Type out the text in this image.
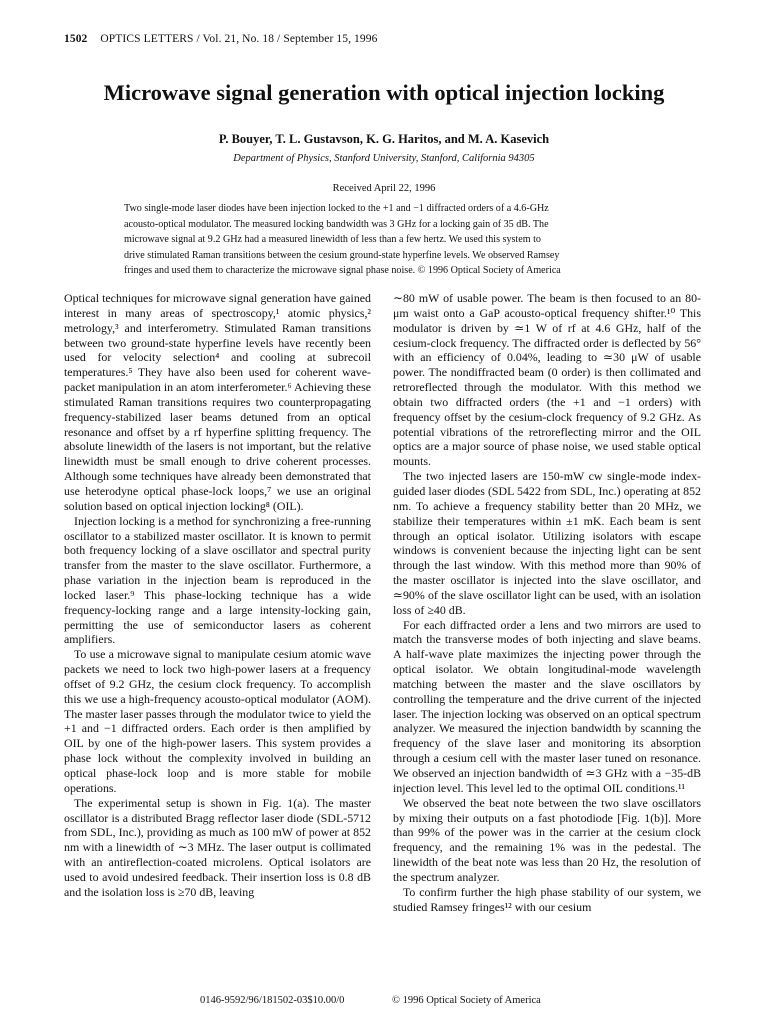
1502 OPTICS LETTERS / Vol. 21, No. 18 / September 15, 1996
Microwave signal generation with optical injection locking
P. Bouyer, T. L. Gustavson, K. G. Haritos, and M. A. Kasevich
Department of Physics, Stanford University, Stanford, California 94305
Received April 22, 1996
Two single-mode laser diodes have been injection locked to the +1 and −1 diffracted orders of a 4.6-GHz
acousto-optical modulator. The measured locking bandwidth was 3 GHz for a locking gain of 35 dB. The
microwave signal at 9.2 GHz had a measured linewidth of less than a few hertz. We used this system to
drive stimulated Raman transitions between the cesium ground-state hyperfine levels. We observed Ramsey
fringes and used them to characterize the microwave signal phase noise. © 1996 Optical Society of America

Optical techniques for microwave signal generation have gained interest in many areas of spectroscopy,¹ atomic physics,² metrology,³ and interferometry. Stimulated Raman transitions between two ground-state hyperfine levels have recently been used for velocity selection⁴ and cooling at subrecoil temperatures.⁵ They have also been used for coherent wave-packet manipulation in an atom interferometer.⁶ Achieving these stimulated Raman transitions requires two counterpropagating frequency-stabilized laser beams detuned from an optical resonance and offset by a rf hyperfine splitting frequency. The absolute linewidth of the lasers is not important, but the relative linewidth must be small enough to drive coherent processes. Although some techniques have already been demonstrated that use heterodyne optical phase-lock loops,⁷ we use an original solution based on optical injection locking⁸ (OIL).

Injection locking is a method for synchronizing a free-running oscillator to a stabilized master oscillator. It is known to permit both frequency locking of a slave oscillator and spectral purity transfer from the master to the slave oscillator. Furthermore, a phase variation in the injection beam is reproduced in the locked laser.⁹ This phase-locking technique has a wide frequency-locking range and a large intensity-locking gain, permitting the use of semiconductor lasers as coherent amplifiers.

To use a microwave signal to manipulate cesium atomic wave packets we need to lock two high-power lasers at a frequency offset of 9.2 GHz, the cesium clock frequency. To accomplish this we use a high-frequency acousto-optical modulator (AOM). The master laser passes through the modulator twice to yield the +1 and −1 diffracted orders. Each order is then amplified by OIL by one of the high-power lasers. This system provides a phase lock without the complexity involved in building an optical phase-lock loop and is more stable for mobile operations.

The experimental setup is shown in Fig. 1(a). The master oscillator is a distributed Bragg reflector laser diode (SDL-5712 from SDL, Inc.), providing as much as 100 mW of power at 852 nm with a linewidth of ∼3 MHz. The laser output is collimated with an antireflection-coated microlens. Optical isolators are used to avoid undesired feedback. Their insertion loss is 0.8 dB and the isolation loss is ≥70 dB, leaving

∼80 mW of usable power. The beam is then focused to an 80-μm waist onto a GaP acousto-optical frequency shifter.¹⁰ This modulator is driven by ≃1 W of rf at 4.6 GHz, half of the cesium-clock frequency. The diffracted order is deflected by 56° with an efficiency of 0.04%, leading to ≃30 μW of usable power. The nondiffracted beam (0 order) is then collimated and retroreflected through the modulator. With this method we obtain two diffracted orders (the +1 and −1 orders) with frequency offset by the cesium-clock frequency of 9.2 GHz. As potential vibrations of the retroreflecting mirror and the OIL optics are a major source of phase noise, we used stable optical mounts.

The two injected lasers are 150-mW cw single-mode index-guided laser diodes (SDL 5422 from SDL, Inc.) operating at 852 nm. To achieve a frequency stability better than 20 MHz, we stabilize their temperatures within ±1 mK. Each beam is sent through an optical isolator. Utilizing isolators with escape windows is convenient because the injecting light can be sent through the last window. With this method more than 90% of the master oscillator is injected into the slave oscillator, and ≃90% of the slave oscillator light can be used, with an isolation loss of ≥40 dB.

For each diffracted order a lens and two mirrors are used to match the transverse modes of both injecting and slave beams. A half-wave plate maximizes the injecting power through the optical isolator. We obtain longitudinal-mode wavelength matching between the master and the slave oscillators by controlling the temperature and the drive current of the injected laser. The injection locking was observed on an optical spectrum analyzer. We measured the injection bandwidth by scanning the frequency of the slave laser and monitoring its absorption through a cesium cell with the master laser tuned on resonance. We observed an injection bandwidth of ≃3 GHz with a −35-dB injection level. This level led to the optimal OIL conditions.¹¹

We observed the beat note between the two slave oscillators by mixing their outputs on a fast photodiode [Fig. 1(b)]. More than 99% of the power was in the carrier at the cesium clock frequency, and the remaining 1% was in the pedestal. The linewidth of the beat note was less than 20 Hz, the resolution of the spectrum analyzer.

To confirm further the high phase stability of our system, we studied Ramsey fringes¹² with our cesium

0146-9592/96/181502-03$10.00/0	© 1996 Optical Society of America
